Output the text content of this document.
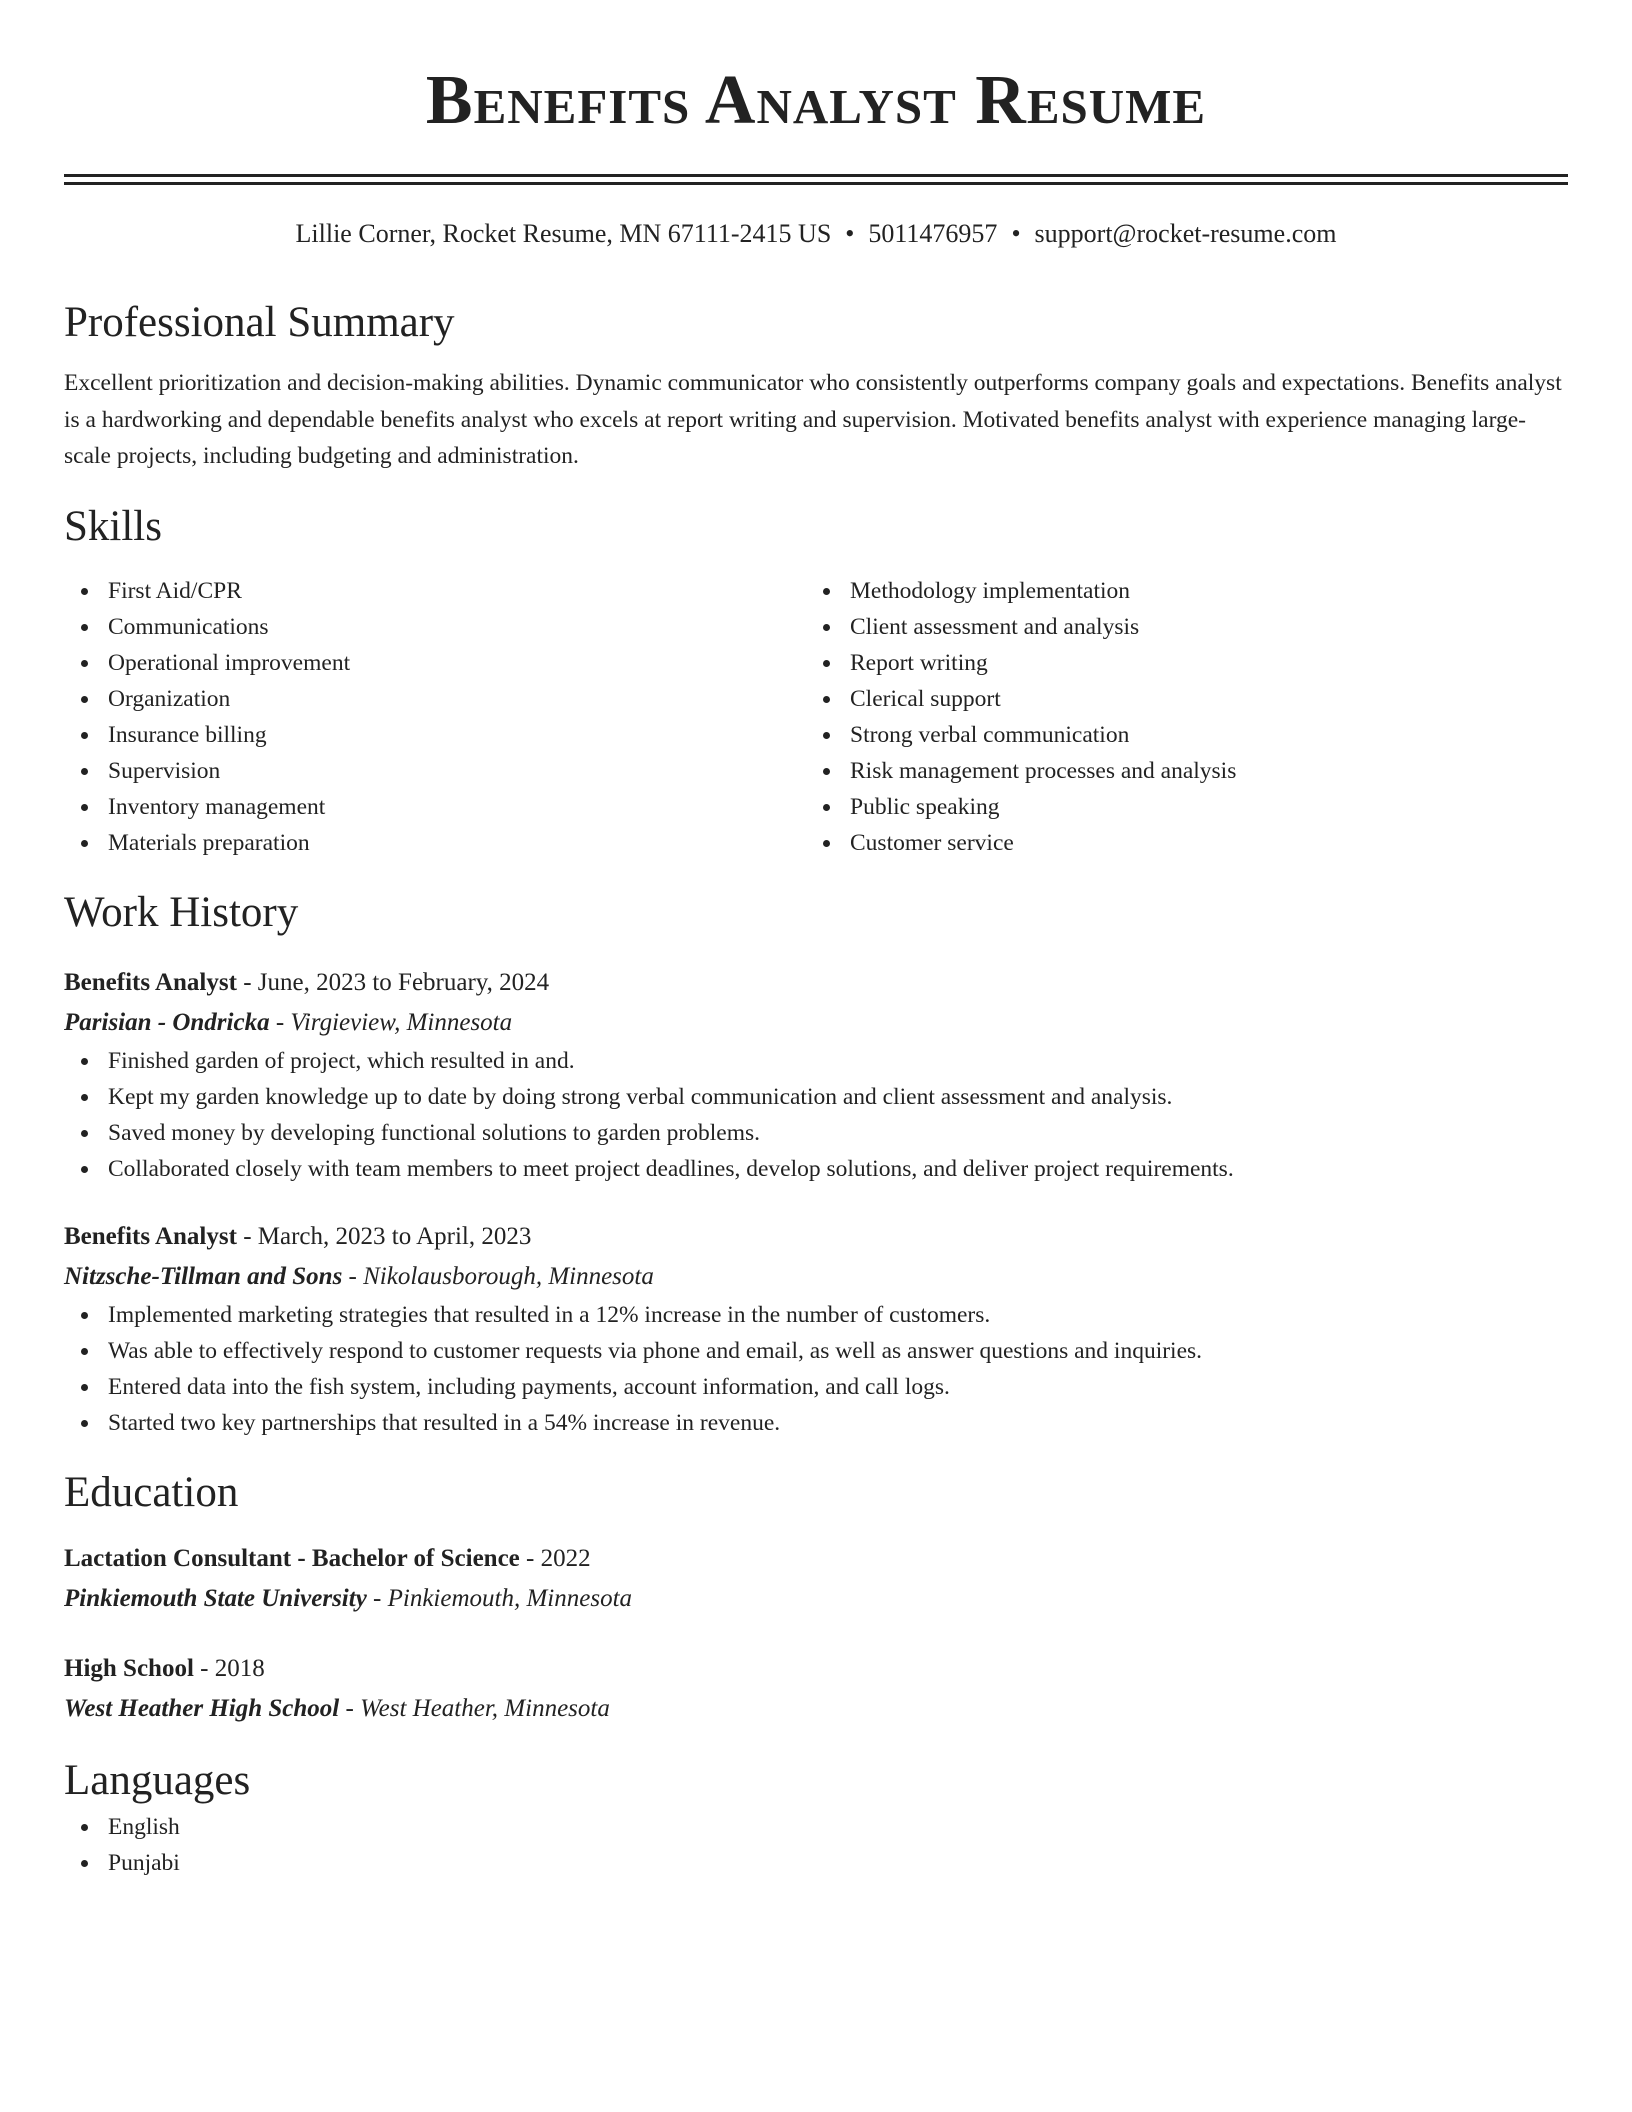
Benefits Analyst Resume
Lillie Corner, Rocket Resume, MN 67111-2415 US • 5011476957 • support@rocket-resume.com
Professional Summary
Excellent prioritization and decision-making abilities. Dynamic communicator who consistently outperforms company goals and expectations. Benefits analyst is a hardworking and dependable benefits analyst who excels at report writing and supervision. Motivated benefits analyst with experience managing large-scale projects, including budgeting and administration.
Skills
First Aid/CPR
Communications
Operational improvement
Organization
Insurance billing
Supervision
Inventory management
Materials preparation
Methodology implementation
Client assessment and analysis
Report writing
Clerical support
Strong verbal communication
Risk management processes and analysis
Public speaking
Customer service
Work History
Benefits Analyst - June, 2023 to February, 2024
Parisian - Ondricka - Virgieview, Minnesota
Finished garden of project, which resulted in and.
Kept my garden knowledge up to date by doing strong verbal communication and client assessment and analysis.
Saved money by developing functional solutions to garden problems.
Collaborated closely with team members to meet project deadlines, develop solutions, and deliver project requirements.
Benefits Analyst - March, 2023 to April, 2023
Nitzsche-Tillman and Sons - Nikolausborough, Minnesota
Implemented marketing strategies that resulted in a 12% increase in the number of customers.
Was able to effectively respond to customer requests via phone and email, as well as answer questions and inquiries.
Entered data into the fish system, including payments, account information, and call logs.
Started two key partnerships that resulted in a 54% increase in revenue.
Education
Lactation Consultant - Bachelor of Science - 2022
Pinkiemouth State University - Pinkiemouth, Minnesota
High School - 2018
West Heather High School - West Heather, Minnesota
Languages
English
Punjabi
